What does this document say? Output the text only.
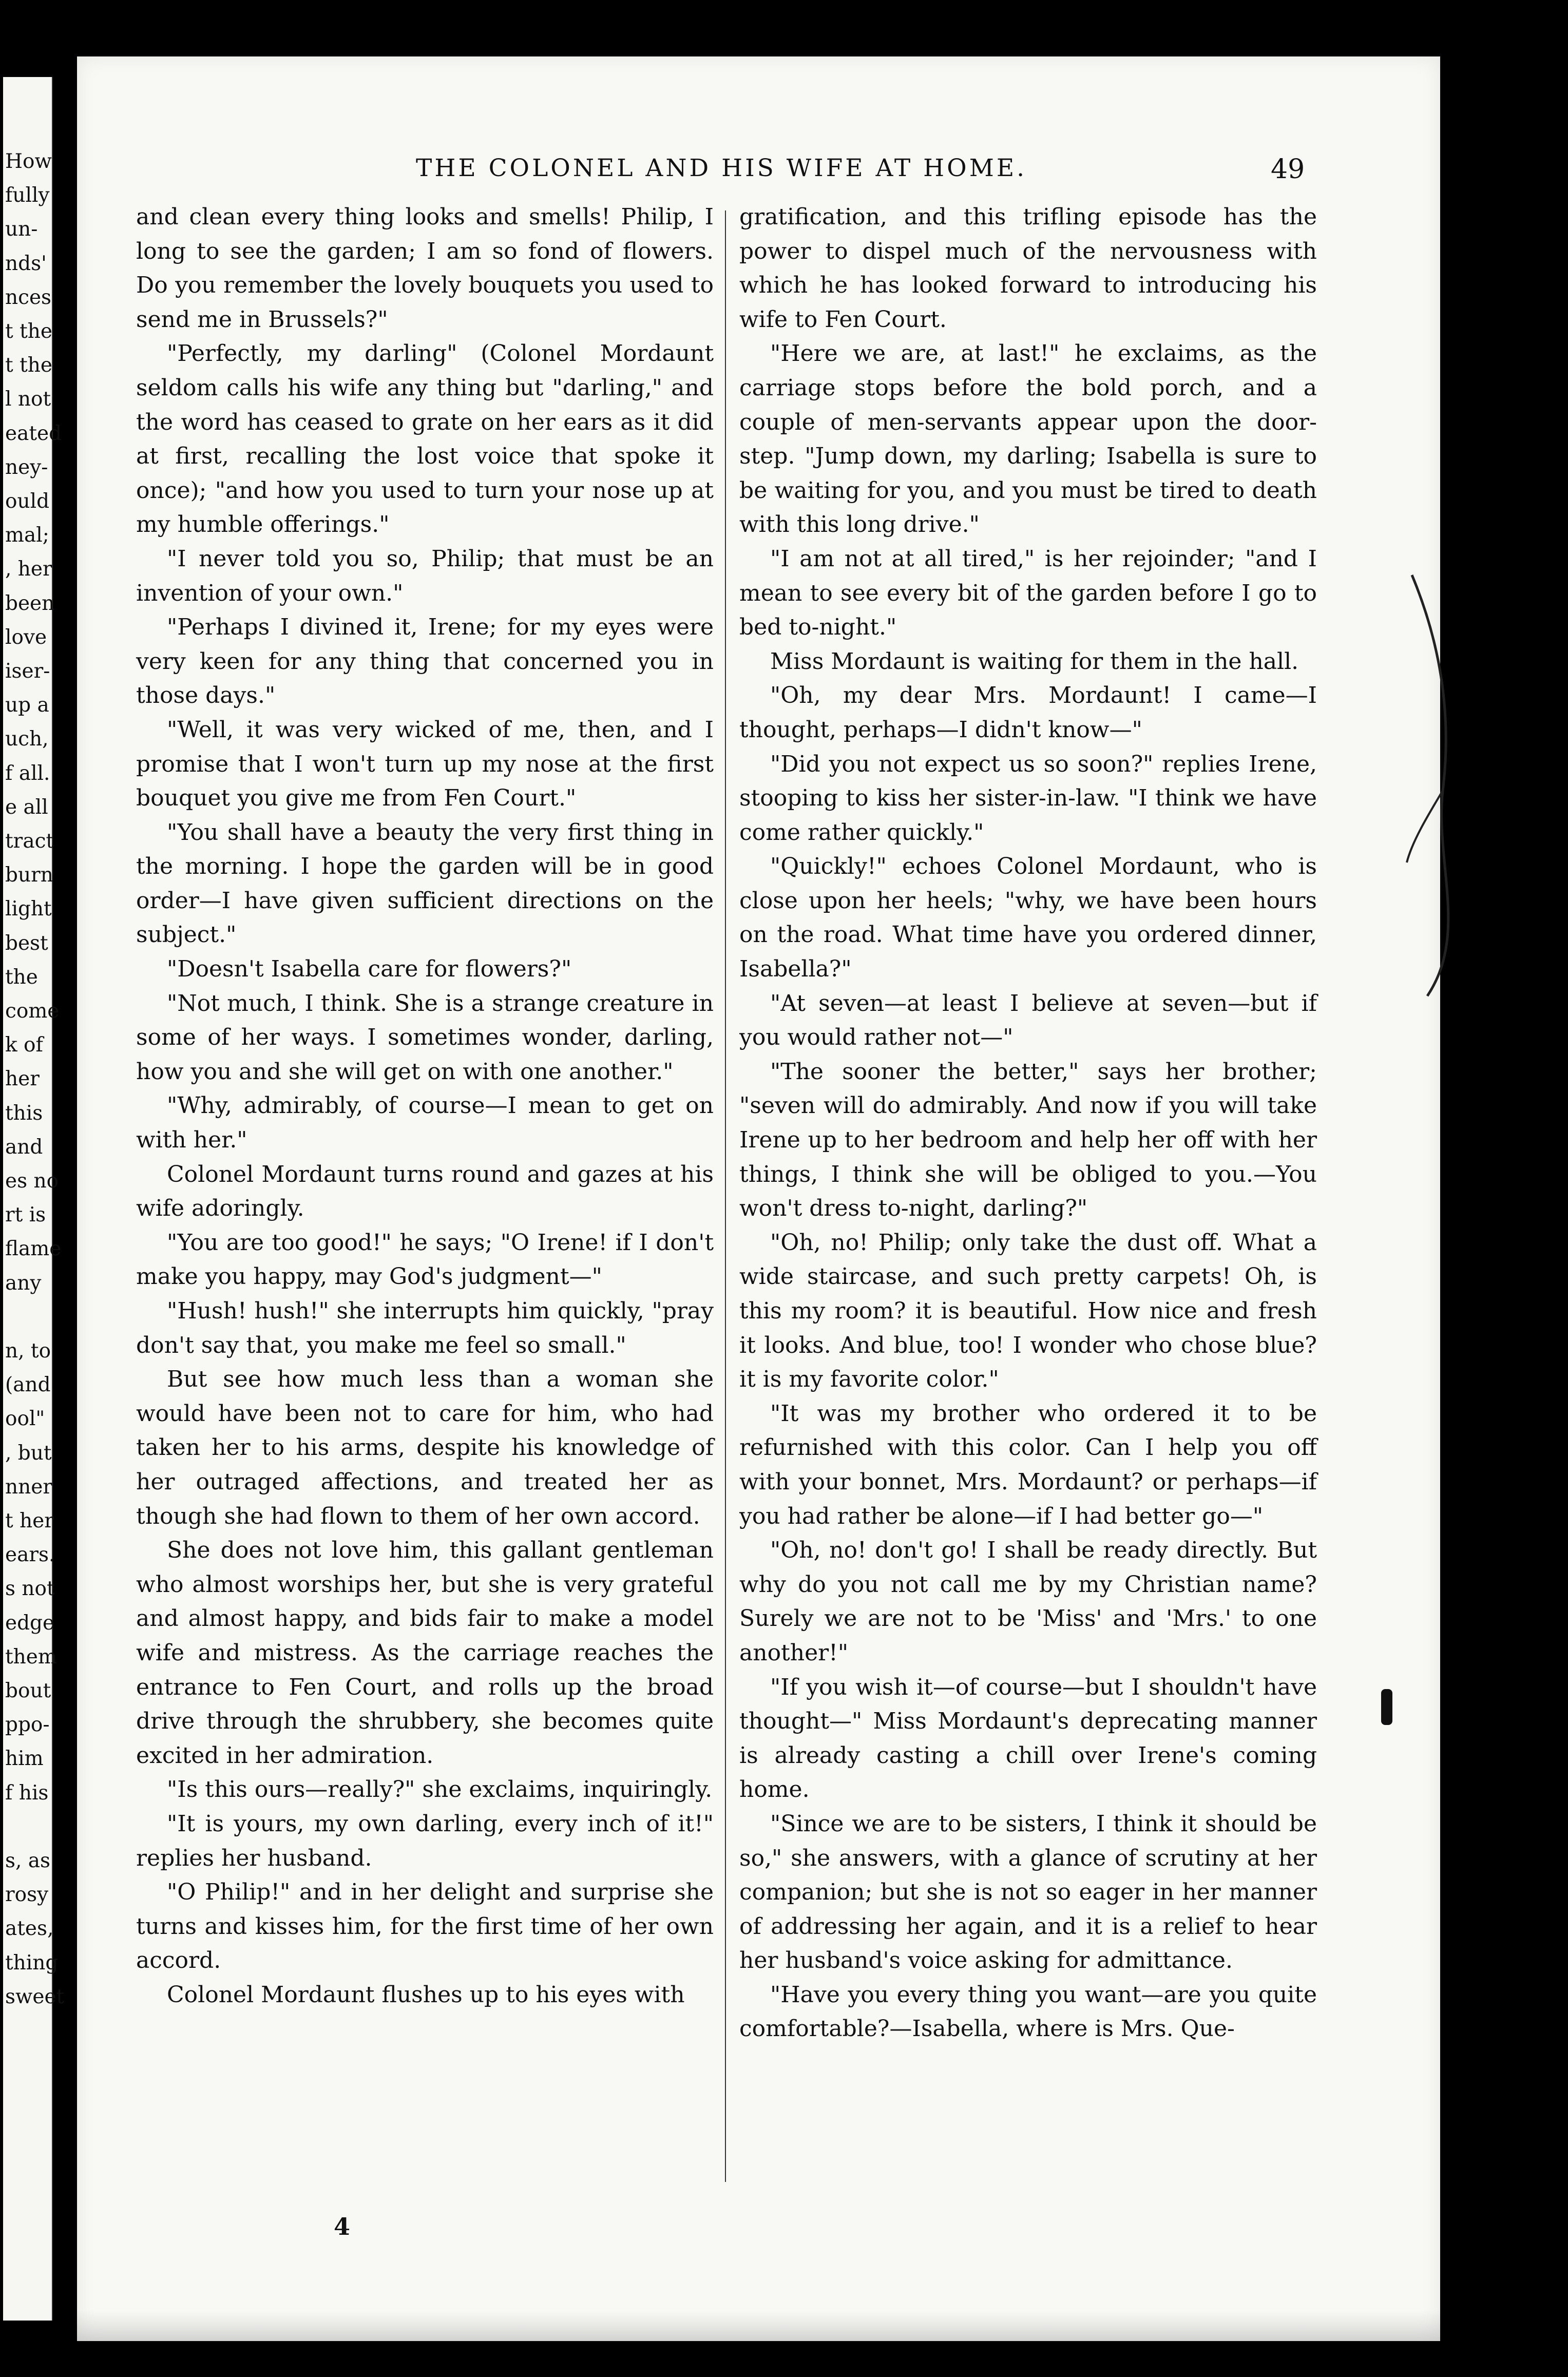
How
fully
un-
nds'
nces
t the
t the
l not
eated
ney-
ould
mal;
, her
been
love
iser-
up a
uch,
f all.
e all
tract
burn
light
best
the
come
k of
her
this
and
es no
rt is
flame
any
n, to
(and
ool"
, but
nner
t her
ears.
s not
edge
them
bout
ppo-
him
f his
s, as
rosy
ates,
thing
sweet
THE COLONEL AND HIS WIFE AT HOME.	49

and clean every thing looks and smells! Philip, I long to see the garden; I am so fond of flowers. Do you remember the lovely bouquets you used to send me in Brussels?"

"Perfectly, my darling" (Colonel Mordaunt seldom calls his wife any thing but "darling," and the word has ceased to grate on her ears as it did at first, recalling the lost voice that spoke it once); "and how you used to turn your nose up at my humble offerings."

"I never told you so, Philip; that must be an invention of your own."

"Perhaps I divined it, Irene; for my eyes were very keen for any thing that concerned you in those days."

"Well, it was very wicked of me, then, and I promise that I won't turn up my nose at the first bouquet you give me from Fen Court."

"You shall have a beauty the very first thing in the morning. I hope the garden will be in good order—I have given sufficient directions on the subject."

"Doesn't Isabella care for flowers?"

"Not much, I think. She is a strange creature in some of her ways. I sometimes wonder, darling, how you and she will get on with one another."

"Why, admirably, of course—I mean to get on with her."

Colonel Mordaunt turns round and gazes at his wife adoringly.

"You are too good!" he says; "O Irene! if I don't make you happy, may God's judgment—"

"Hush! hush!" she interrupts him quickly, "pray don't say that, you make me feel so small."

But see how much less than a woman she would have been not to care for him, who had taken her to his arms, despite his knowledge of her outraged affections, and treated her as though she had flown to them of her own accord.

She does not love him, this gallant gentleman who almost worships her, but she is very grateful and almost happy, and bids fair to make a model wife and mistress. As the carriage reaches the entrance to Fen Court, and rolls up the broad drive through the shrubbery, she becomes quite excited in her admiration.

"Is this ours—really?" she exclaims, inquiringly.

"It is yours, my own darling, every inch of it!" replies her husband.

"O Philip!" and in her delight and surprise she turns and kisses him, for the first time of her own accord.

Colonel Mordaunt flushes up to his eyes with

gratification, and this trifling episode has the power to dispel much of the nervousness with which he has looked forward to introducing his wife to Fen Court.

"Here we are, at last!" he exclaims, as the carriage stops before the bold porch, and a couple of men-servants appear upon the door-step. "Jump down, my darling; Isabella is sure to be waiting for you, and you must be tired to death with this long drive."

"I am not at all tired," is her rejoinder; "and I mean to see every bit of the garden before I go to bed to-night."

Miss Mordaunt is waiting for them in the hall.

"Oh, my dear Mrs. Mordaunt! I came—I thought, perhaps—I didn't know—"

"Did you not expect us so soon?" replies Irene, stooping to kiss her sister-in-law. "I think we have come rather quickly."

"Quickly!" echoes Colonel Mordaunt, who is close upon her heels; "why, we have been hours on the road. What time have you ordered dinner, Isabella?"

"At seven—at least I believe at seven—but if you would rather not—"

"The sooner the better," says her brother; "seven will do admirably. And now if you will take Irene up to her bedroom and help her off with her things, I think she will be obliged to you.—You won't dress to-night, darling?"

"Oh, no! Philip; only take the dust off. What a wide staircase, and such pretty carpets! Oh, is this my room? it is beautiful. How nice and fresh it looks. And blue, too! I wonder who chose blue? it is my favorite color."

"It was my brother who ordered it to be refurnished with this color. Can I help you off with your bonnet, Mrs. Mordaunt? or perhaps—if you had rather be alone—if I had better go—"

"Oh, no! don't go! I shall be ready directly. But why do you not call me by my Christian name? Surely we are not to be 'Miss' and 'Mrs.' to one another!"

"If you wish it—of course—but I shouldn't have thought—" Miss Mordaunt's deprecating manner is already casting a chill over Irene's coming home.

"Since we are to be sisters, I think it should be so," she answers, with a glance of scrutiny at her companion; but she is not so eager in her manner of addressing her again, and it is a relief to hear her husband's voice asking for admittance.

"Have you every thing you want—are you quite comfortable?—Isabella, where is Mrs. Que-

4
